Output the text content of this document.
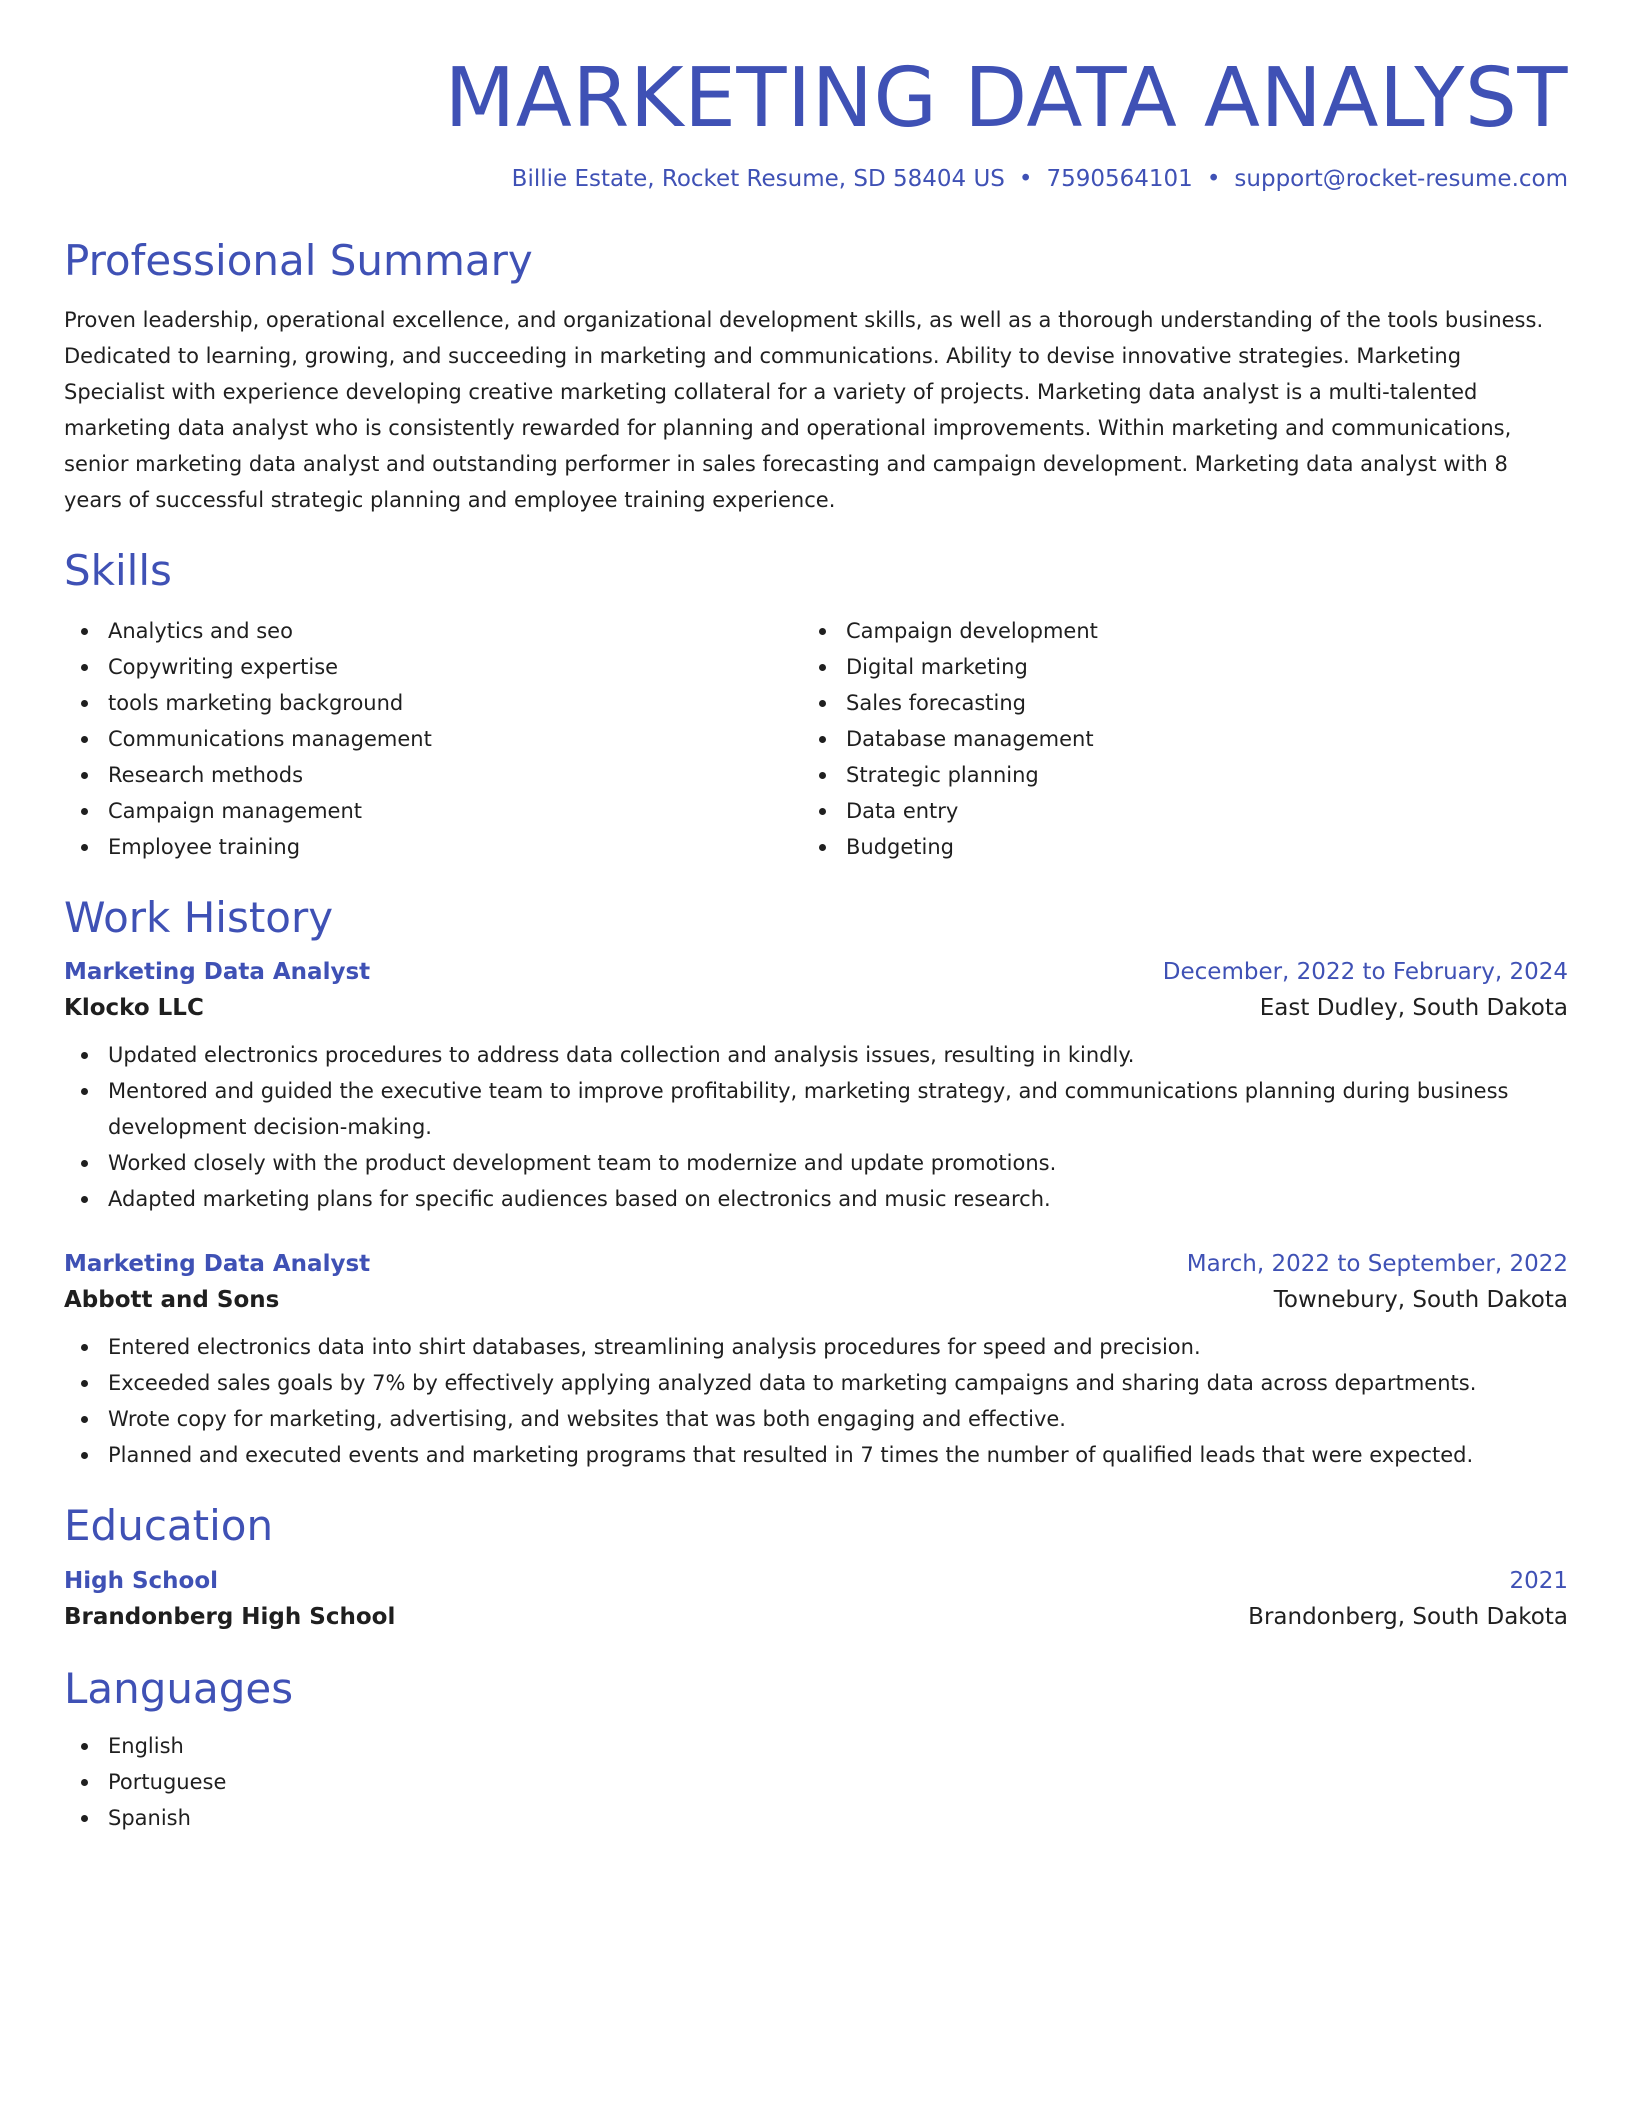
MARKETING DATA ANALYST
Billie Estate, Rocket Resume, SD 58404 US • 7590564101 • support@rocket-resume.com
Professional Summary
Proven leadership, operational excellence, and organizational development skills, as well as a thorough understanding of the tools business. Dedicated to learning, growing, and succeeding in marketing and communications. Ability to devise innovative strategies. Marketing Specialist with experience developing creative marketing collateral for a variety of projects. Marketing data analyst is a multi-talented marketing data analyst who is consistently rewarded for planning and operational improvements. Within marketing and communications, senior marketing data analyst and outstanding performer in sales forecasting and campaign development. Marketing data analyst with 8 years of successful strategic planning and employee training experience.
Skills
Analytics and seo
Copywriting expertise
tools marketing background
Communications management
Research methods
Campaign management
Employee training
Campaign development
Digital marketing
Sales forecasting
Database management
Strategic planning
Data entry
Budgeting
Work History
Marketing Data Analyst	December, 2022 to February, 2024
Klocko LLC	East Dudley, South Dakota
Updated electronics procedures to address data collection and analysis issues, resulting in kindly.
Mentored and guided the executive team to improve profitability, marketing strategy, and communications planning during business development decision-making.
Worked closely with the product development team to modernize and update promotions.
Adapted marketing plans for specific audiences based on electronics and music research.
Marketing Data Analyst	March, 2022 to September, 2022
Abbott and Sons	Townebury, South Dakota
Entered electronics data into shirt databases, streamlining analysis procedures for speed and precision.
Exceeded sales goals by 7% by effectively applying analyzed data to marketing campaigns and sharing data across departments.
Wrote copy for marketing, advertising, and websites that was both engaging and effective.
Planned and executed events and marketing programs that resulted in 7 times the number of qualified leads that were expected.
Education
High School	2021
Brandonberg High School	Brandonberg, South Dakota
Languages
English
Portuguese
Spanish
